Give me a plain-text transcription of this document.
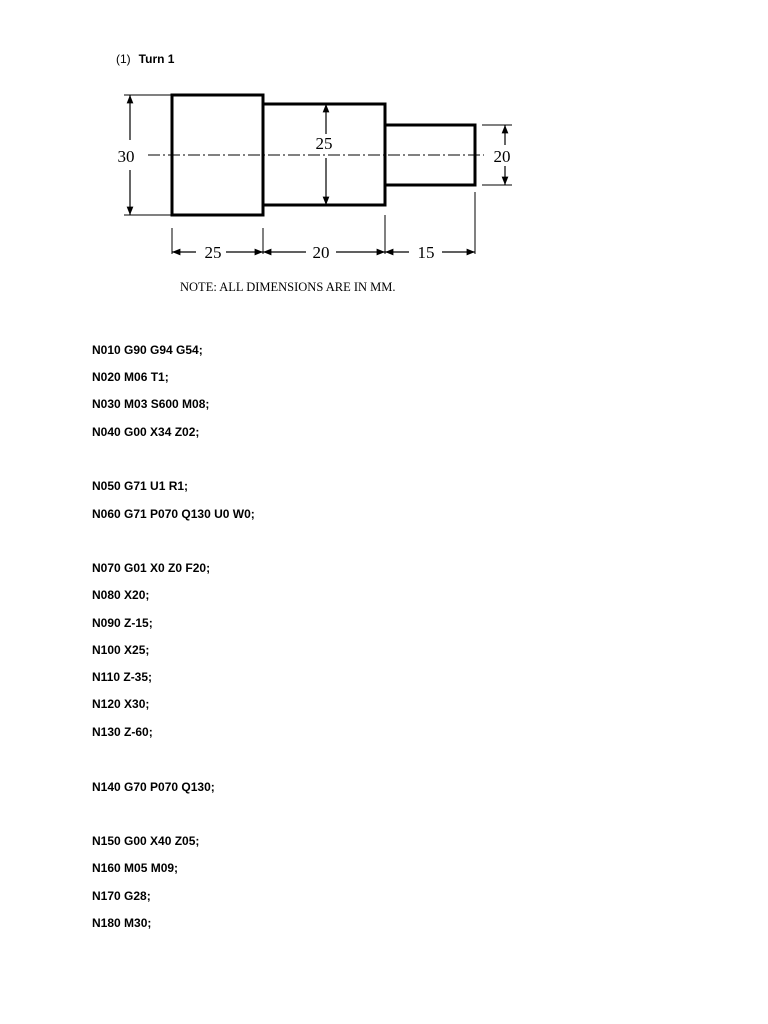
(1) Turn 1
30
25
20
25	20	15
NOTE: ALL DIMENSIONS ARE IN MM.
N010 G90 G94 G54;
N020 M06 T1;
N030 M03 S600 M08;
N040 G00 X34 Z02;
N050 G71 U1 R1;
N060 G71 P070 Q130 U0 W0;
N070 G01 X0 Z0 F20;
N080 X20;
N090 Z-15;
N100 X25;
N110 Z-35;
N120 X30;
N130 Z-60;
N140 G70 P070 Q130;
N150 G00 X40 Z05;
N160 M05 M09;
N170 G28;
N180 M30;
